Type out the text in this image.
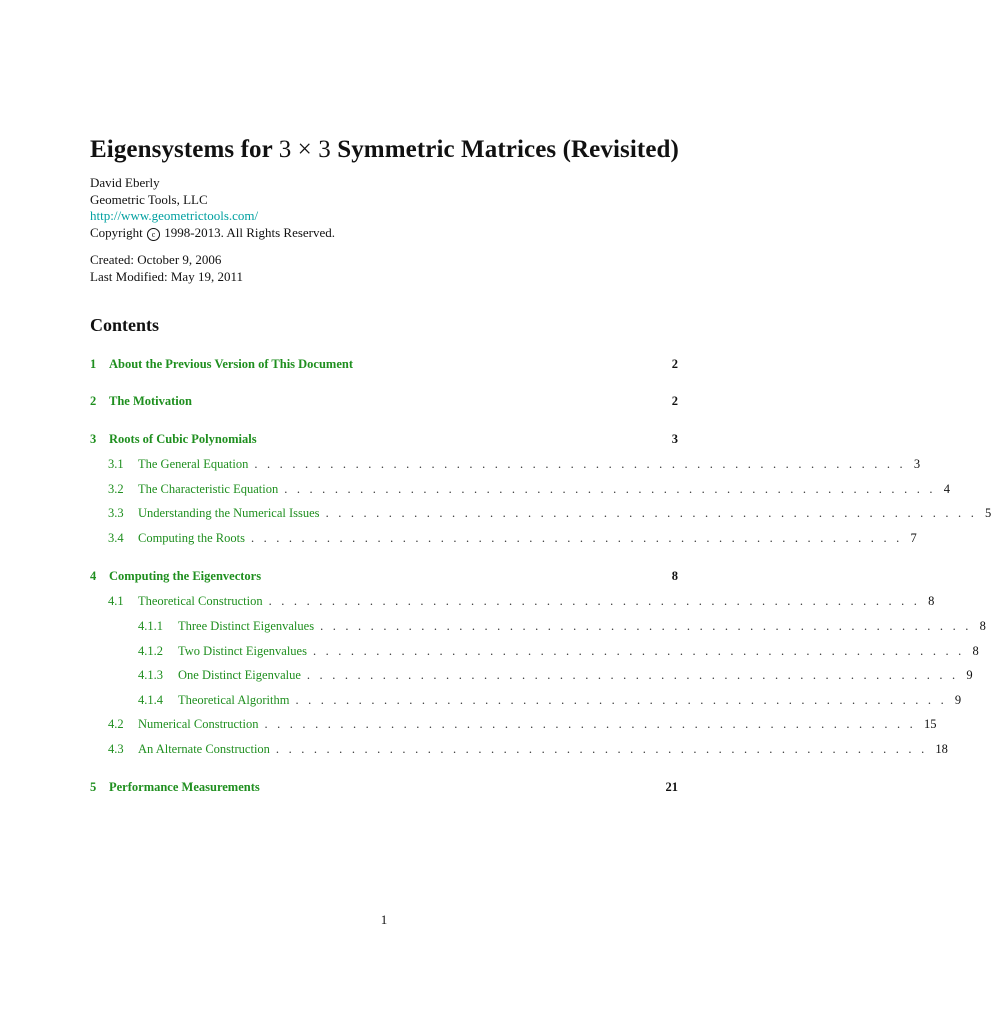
Eigensystems for 3 × 3 Symmetric Matrices (Revisited)
David Eberly
Geometric Tools, LLC
http://www.geometrictools.com/
Copyright c 1998-2013. All Rights Reserved.
Created: October 9, 2006
Last Modified: May 19, 2011
Contents
1	About the Previous Version of This Document	2
2	The Motivation	2
3	Roots of Cubic Polynomials	3
3.1	The General Equation . . . . . . . . . . . . . . . . . . . . . . . . . . . . . . . . . . . . . . . . . . . . . . . . . . . . 3
3.2	The Characteristic Equation . . . . . . . . . . . . . . . . . . . . . . . . . . . . . . . . . . . . . . . . . . . . . . . . . . . . 4
3.3	Understanding the Numerical Issues . . . . . . . . . . . . . . . . . . . . . . . . . . . . . . . . . . . . . . . . . . . . . . . . . . . . 5
3.4	Computing the Roots . . . . . . . . . . . . . . . . . . . . . . . . . . . . . . . . . . . . . . . . . . . . . . . . . . . . 7
4	Computing the Eigenvectors	8
4.1	Theoretical Construction . . . . . . . . . . . . . . . . . . . . . . . . . . . . . . . . . . . . . . . . . . . . . . . . . . . . 8
4.1.1	Three Distinct Eigenvalues . . . . . . . . . . . . . . . . . . . . . . . . . . . . . . . . . . . . . . . . . . . . . . . . . . . . 8
4.1.2	Two Distinct Eigenvalues . . . . . . . . . . . . . . . . . . . . . . . . . . . . . . . . . . . . . . . . . . . . . . . . . . . . 8
4.1.3	One Distinct Eigenvalue . . . . . . . . . . . . . . . . . . . . . . . . . . . . . . . . . . . . . . . . . . . . . . . . . . . . 9
4.1.4	Theoretical Algorithm . . . . . . . . . . . . . . . . . . . . . . . . . . . . . . . . . . . . . . . . . . . . . . . . . . . . 9
4.2	Numerical Construction . . . . . . . . . . . . . . . . . . . . . . . . . . . . . . . . . . . . . . . . . . . . . . . . . . . . 15
4.3	An Alternate Construction . . . . . . . . . . . . . . . . . . . . . . . . . . . . . . . . . . . . . . . . . . . . . . . . . . . . 18
5	Performance Measurements	21
1
